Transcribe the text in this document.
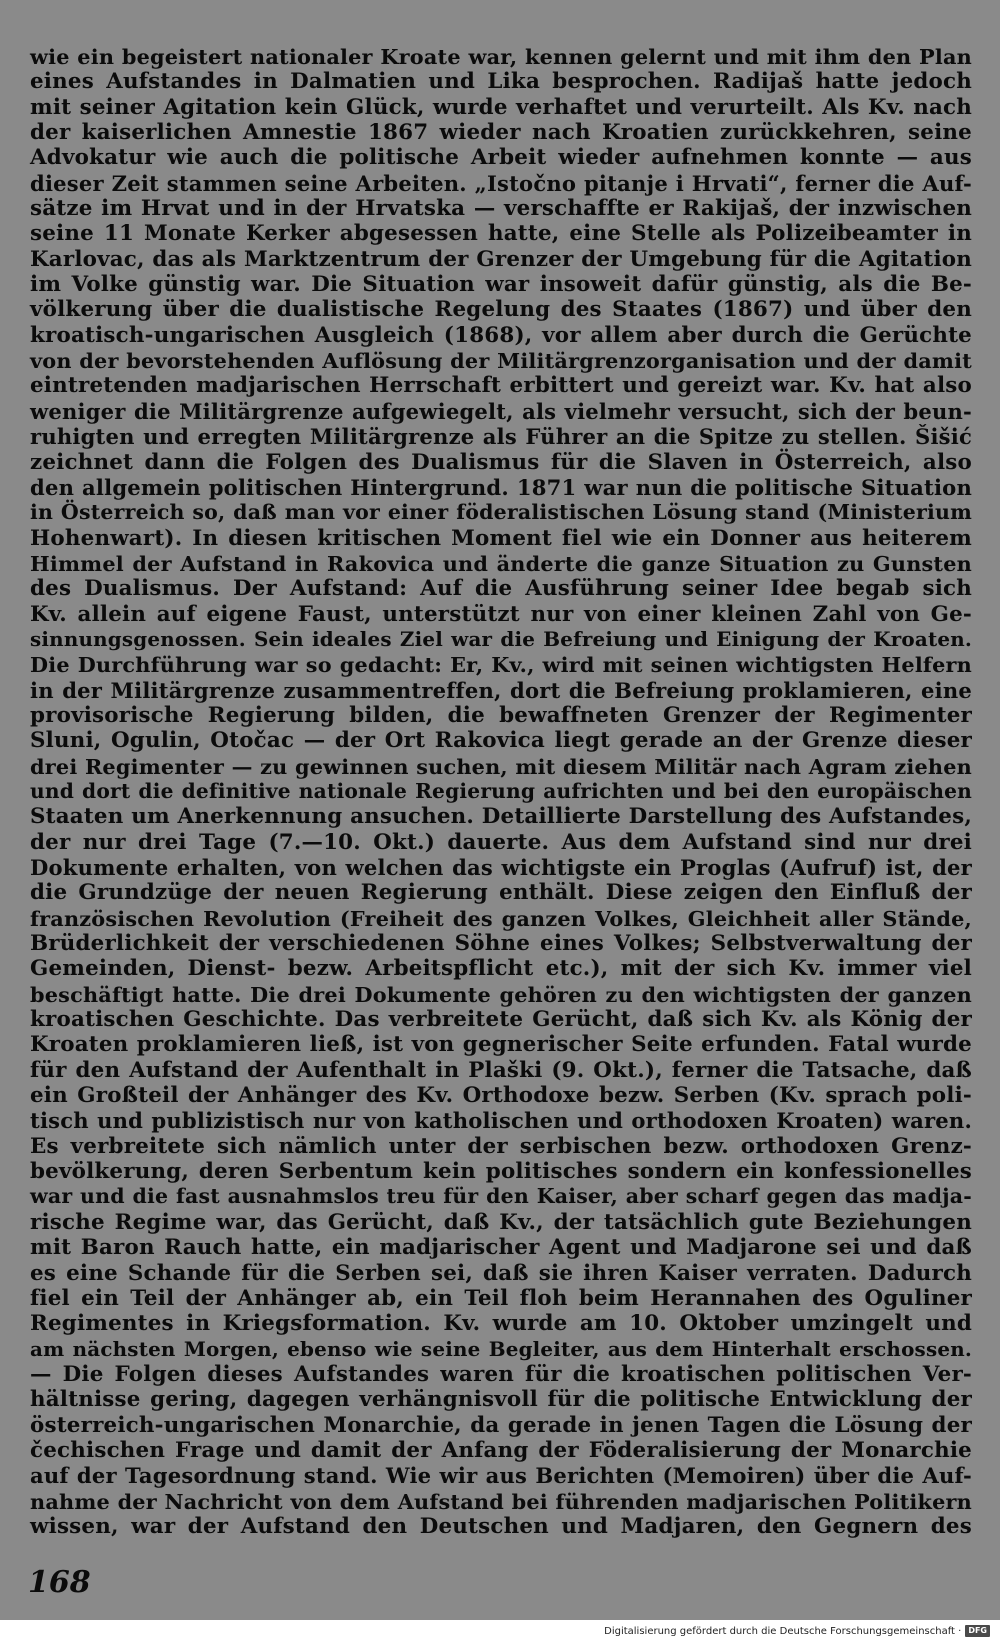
wie ein begeistert nationaler Kroate war, kennen gelernt und mit ihm den Plan
eines Aufstandes in Dalmatien und Lika besprochen. Radijaš hatte jedoch
mit seiner Agitation kein Glück, wurde verhaftet und verurteilt. Als Kv. nach
der kaiserlichen Amnestie 1867 wieder nach Kroatien zurückkehren, seine
Advokatur wie auch die politische Arbeit wieder aufnehmen konnte — aus
dieser Zeit stammen seine Arbeiten. „Istočno pitanje i Hrvati“, ferner die Auf-
sätze im Hrvat und in der Hrvatska — verschaffte er Rakijaš, der inzwischen
seine 11 Monate Kerker abgesessen hatte, eine Stelle als Polizeibeamter in
Karlovac, das als Marktzentrum der Grenzer der Umgebung für die Agitation
im Volke günstig war. Die Situation war insoweit dafür günstig, als die Be-
völkerung über die dualistische Regelung des Staates (1867) und über den
kroatisch-ungarischen Ausgleich (1868), vor allem aber durch die Gerüchte
von der bevorstehenden Auflösung der Militärgrenzorganisation und der damit
eintretenden madjarischen Herrschaft erbittert und gereizt war. Kv. hat also
weniger die Militärgrenze aufgewiegelt, als vielmehr versucht, sich der beun-
ruhigten und erregten Militärgrenze als Führer an die Spitze zu stellen. Šišić
zeichnet dann die Folgen des Dualismus für die Slaven in Österreich, also
den allgemein politischen Hintergrund. 1871 war nun die politische Situation
in Österreich so, daß man vor einer föderalistischen Lösung stand (Ministerium
Hohenwart). In diesen kritischen Moment fiel wie ein Donner aus heiterem
Himmel der Aufstand in Rakovica und änderte die ganze Situation zu Gunsten
des Dualismus. Der Aufstand: Auf die Ausführung seiner Idee begab sich
Kv. allein auf eigene Faust, unterstützt nur von einer kleinen Zahl von Ge-
sinnungsgenossen. Sein ideales Ziel war die Befreiung und Einigung der Kroaten.
Die Durchführung war so gedacht: Er, Kv., wird mit seinen wichtigsten Helfern
in der Militärgrenze zusammentreffen, dort die Befreiung proklamieren, eine
provisorische Regierung bilden, die bewaffneten Grenzer der Regimenter
Sluni, Ogulin, Otočac — der Ort Rakovica liegt gerade an der Grenze dieser
drei Regimenter — zu gewinnen suchen, mit diesem Militär nach Agram ziehen
und dort die definitive nationale Regierung aufrichten und bei den europäischen
Staaten um Anerkennung ansuchen. Detaillierte Darstellung des Aufstandes,
der nur drei Tage (7.—10. Okt.) dauerte. Aus dem Aufstand sind nur drei
Dokumente erhalten, von welchen das wichtigste ein Proglas (Aufruf) ist, der
die Grundzüge der neuen Regierung enthält. Diese zeigen den Einfluß der
französischen Revolution (Freiheit des ganzen Volkes, Gleichheit aller Stände,
Brüderlichkeit der verschiedenen Söhne eines Volkes; Selbstverwaltung der
Gemeinden, Dienst- bezw. Arbeitspflicht etc.), mit der sich Kv. immer viel
beschäftigt hatte. Die drei Dokumente gehören zu den wichtigsten der ganzen
kroatischen Geschichte. Das verbreitete Gerücht, daß sich Kv. als König der
Kroaten proklamieren ließ, ist von gegnerischer Seite erfunden. Fatal wurde
für den Aufstand der Aufenthalt in Plaški (9. Okt.), ferner die Tatsache, daß
ein Großteil der Anhänger des Kv. Orthodoxe bezw. Serben (Kv. sprach poli-
tisch und publizistisch nur von katholischen und orthodoxen Kroaten) waren.
Es verbreitete sich nämlich unter der serbischen bezw. orthodoxen Grenz-
bevölkerung, deren Serbentum kein politisches sondern ein konfessionelles
war und die fast ausnahmslos treu für den Kaiser, aber scharf gegen das madja-
rische Regime war, das Gerücht, daß Kv., der tatsächlich gute Beziehungen
mit Baron Rauch hatte, ein madjarischer Agent und Madjarone sei und daß
es eine Schande für die Serben sei, daß sie ihren Kaiser verraten. Dadurch
fiel ein Teil der Anhänger ab, ein Teil floh beim Herannahen des Oguliner
Regimentes in Kriegsformation. Kv. wurde am 10. Oktober umzingelt und
am nächsten Morgen, ebenso wie seine Begleiter, aus dem Hinterhalt erschossen.
— Die Folgen dieses Aufstandes waren für die kroatischen politischen Ver-
hältnisse gering, dagegen verhängnisvoll für die politische Entwicklung der
österreich-ungarischen Monarchie, da gerade in jenen Tagen die Lösung der
čechischen Frage und damit der Anfang der Föderalisierung der Monarchie
auf der Tagesordnung stand. Wie wir aus Berichten (Memoiren) über die Auf-
nahme der Nachricht von dem Aufstand bei führenden madjarischen Politikern
wissen, war der Aufstand den Deutschen und Madjaren, den Gegnern des
168
Digitalisierung gefördert durch die Deutsche Forschungsgemeinschaft · DFG
